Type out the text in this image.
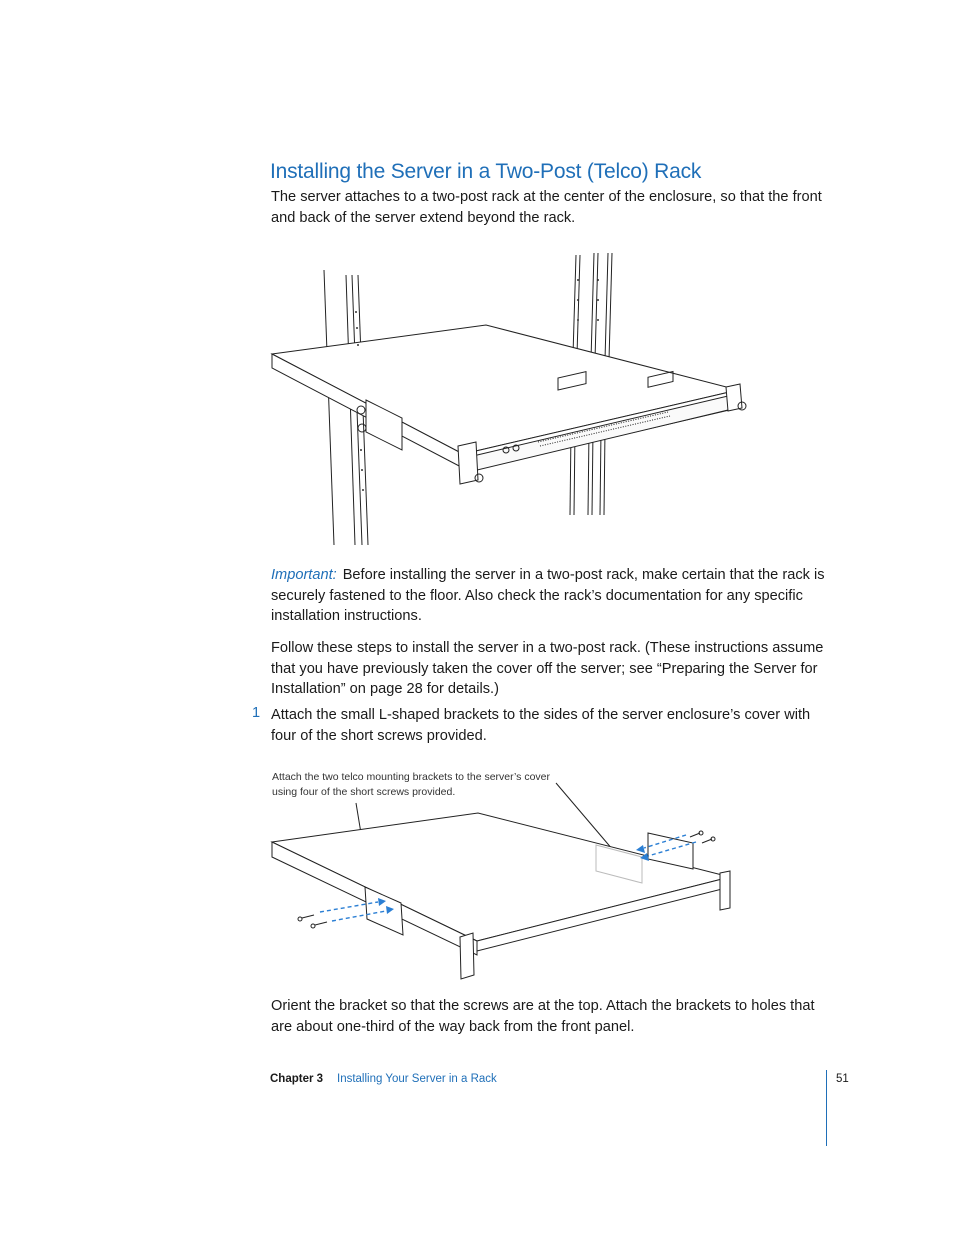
Installing the Server in a Two-Post (Telco) Rack
The server attaches to a two-post rack at the center of the enclosure, so that the front and back of the server extend beyond the rack.
Important: Before installing the server in a two-post rack, make certain that the rack is securely fastened to the floor. Also check the rack’s documentation for any specific installation instructions.
Follow these steps to install the server in a two-post rack. (These instructions assume that you have previously taken the cover off the server; see “Preparing the Server for Installation” on page 28 for details.)
1 Attach the small L-shaped brackets to the sides of the server enclosure’s cover with four of the short screws provided.
Attach the two telco mounting brackets to the server’s cover using four of the short screws provided.
Orient the bracket so that the screws are at the top. Attach the brackets to holes that are about one-third of the way back from the front panel.
Chapter 3 Installing Your Server in a Rack	51
